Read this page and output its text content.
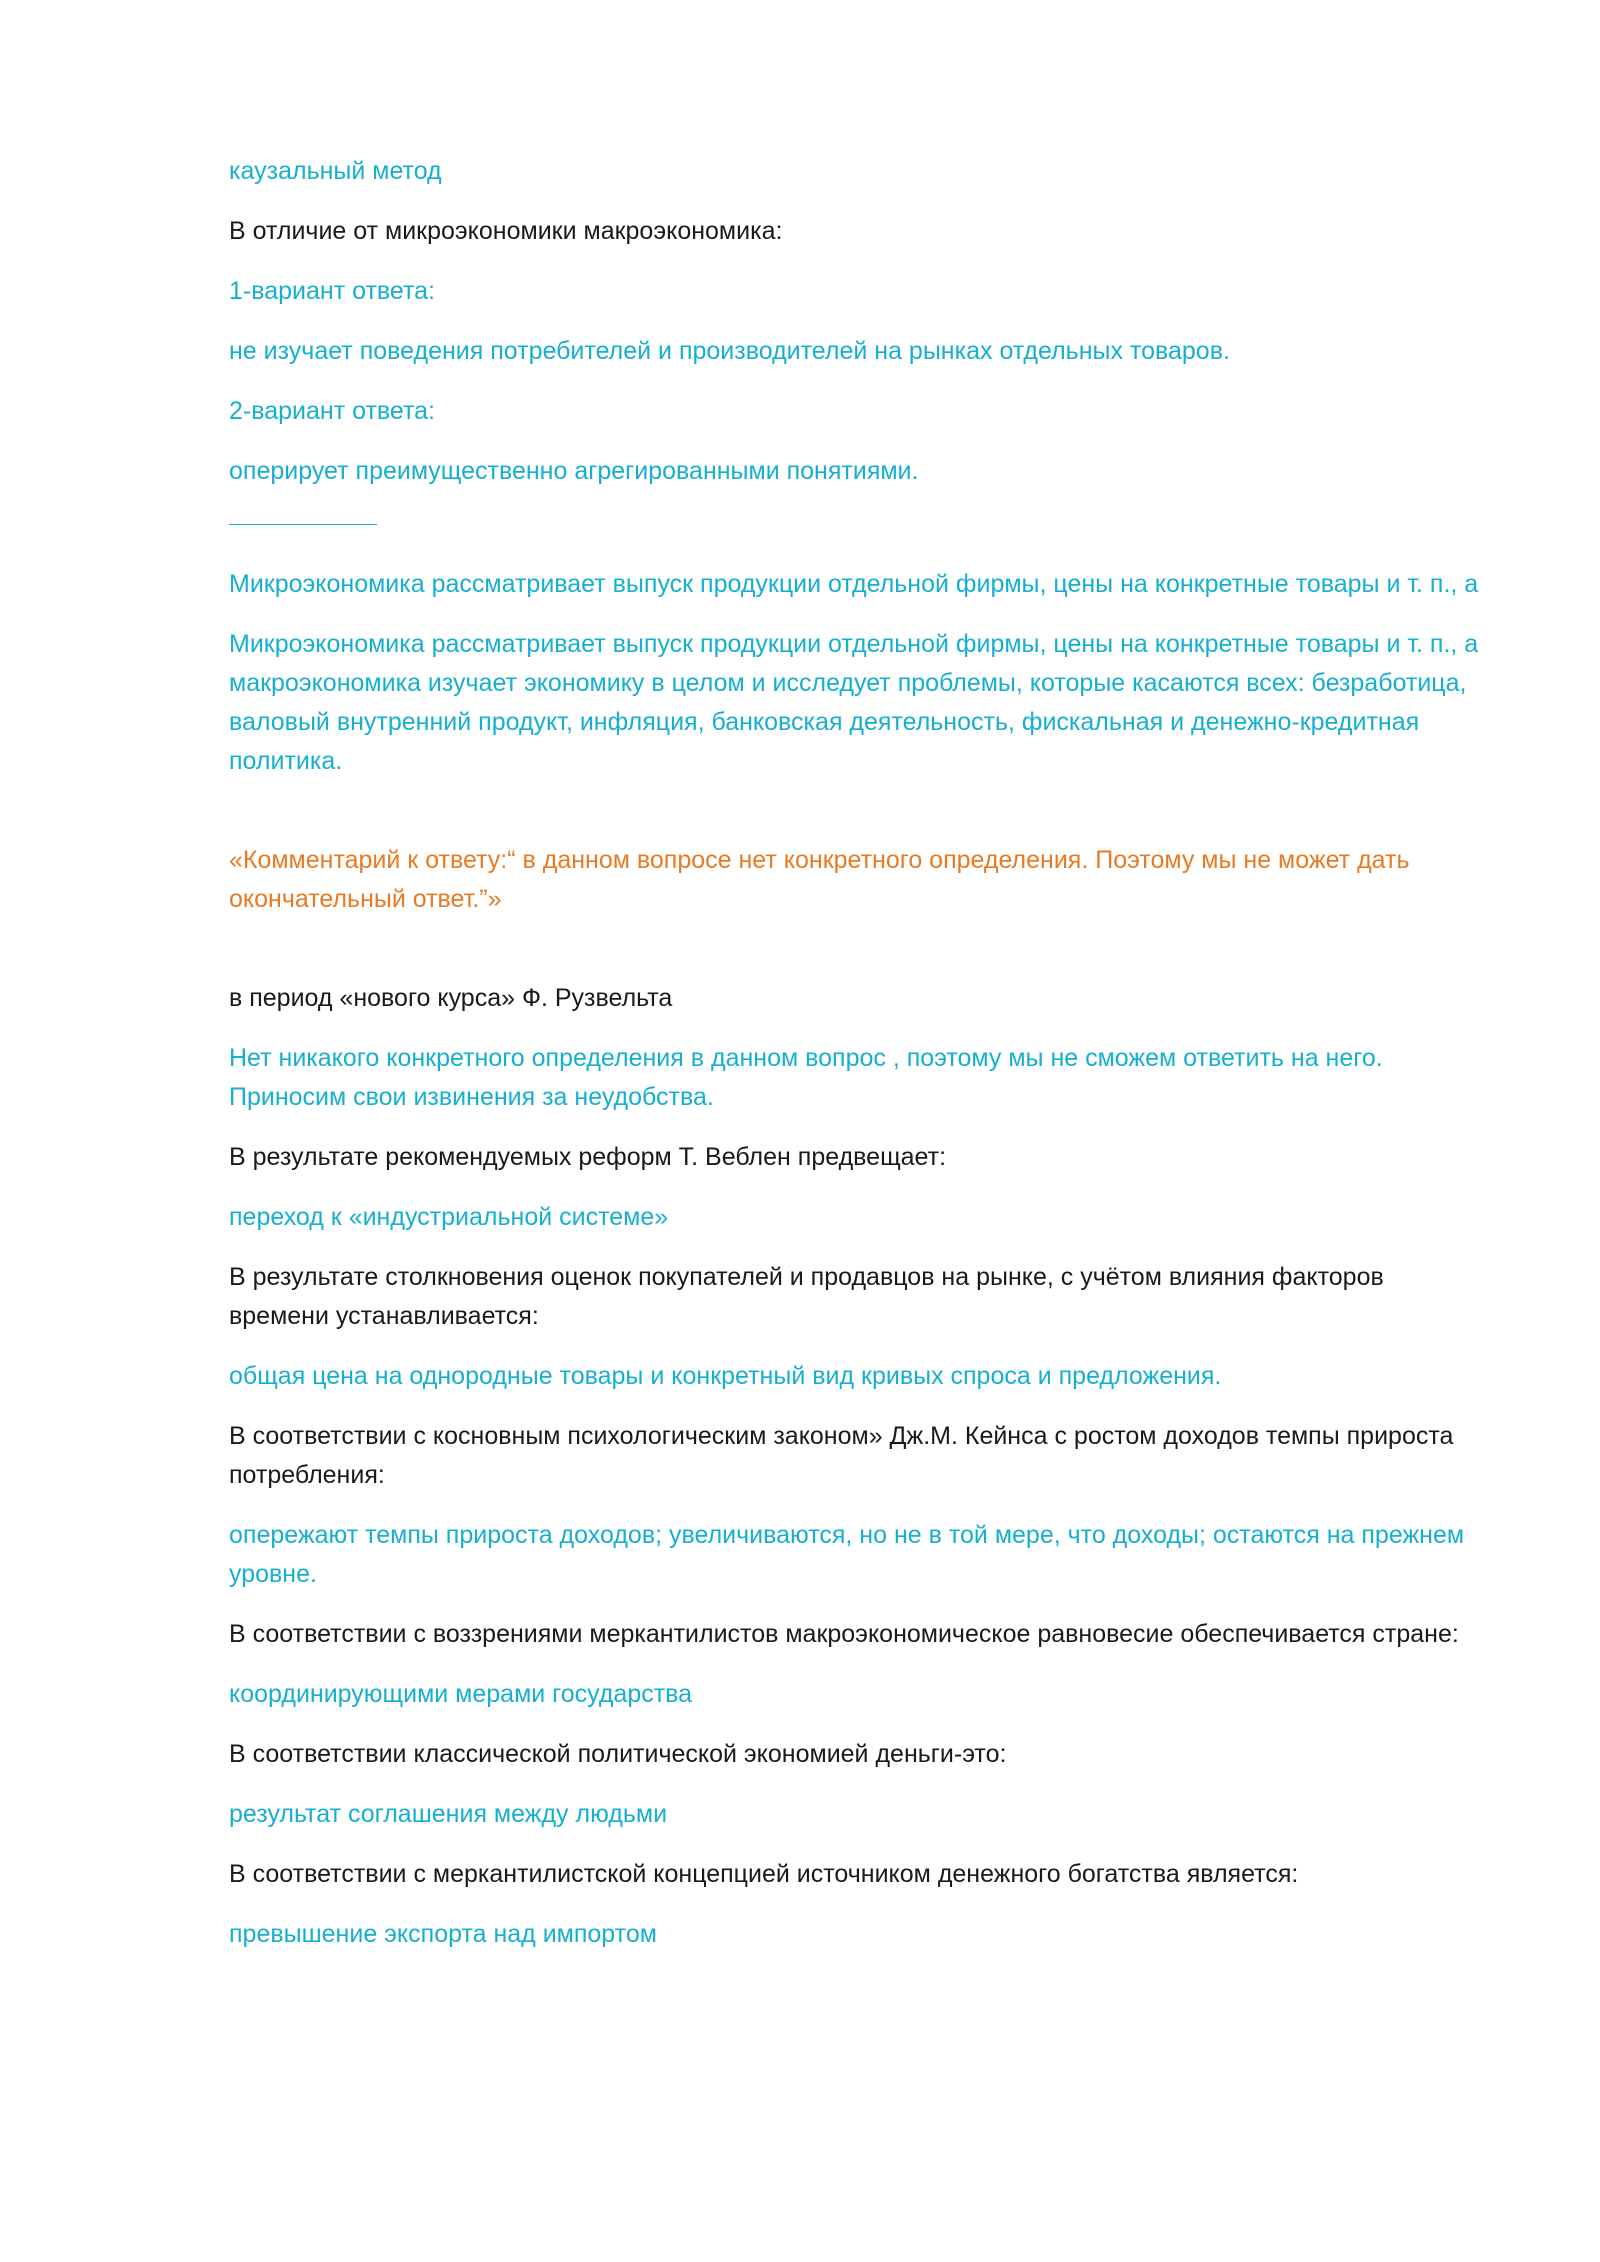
каузальный метод

В отличие от микроэкономики макроэкономика:

1-вариант ответа:

не изучает поведения потребителей и производителей на рынках отдельных товаров.

2-вариант ответа:

оперирует преимущественно агрегированными понятиями.

Микроэкономика рассматривает выпуск продукции отдельной фирмы, цены на конкретные товары и т. п., а

Микроэкономика рассматривает выпуск продукции отдельной фирмы, цены на конкретные товары и т. п., а макроэкономика изучает экономику в целом и исследует проблемы, которые касаются всех: безработица, валовый внутренний продукт, инфляция, банковская деятельность, фискальная и денежно-кредитная политика.

«Комментарий к ответу:“ в данном вопросе нет конкретного определения. Поэтому мы не может дать окончательный ответ.”»

в период «нового курса» Ф. Рузвельта

Нет никакого конкретного определения в данном вопрос , поэтому мы не сможем ответить на него. Приносим свои извинения за неудобства.

В результате рекомендуемых реформ Т. Веблен предвещает:

переход к «индустриальной системе»

В результате столкновения оценок покупателей и продавцов на рынке, с учётом влияния факторов времени устанавливается:

общая цена на однородные товары и конкретный вид кривых спроса и предложения.

В соответствии с косновным психологическим законом» Дж.М. Кейнса с ростом доходов темпы прироста потребления:

опережают темпы прироста доходов; увеличиваются, но не в той мере, что доходы; остаются на прежнем уровне.

В соответствии с воззрениями меркантилистов макроэкономическое равновесие обеспечивается стране:

координирующими мерами государства

В соответствии классической политической экономией деньги-это:

результат соглашения между людьми

В соответствии с меркантилистской концепцией источником денежного богатства является:

превышение экспорта над импортом
